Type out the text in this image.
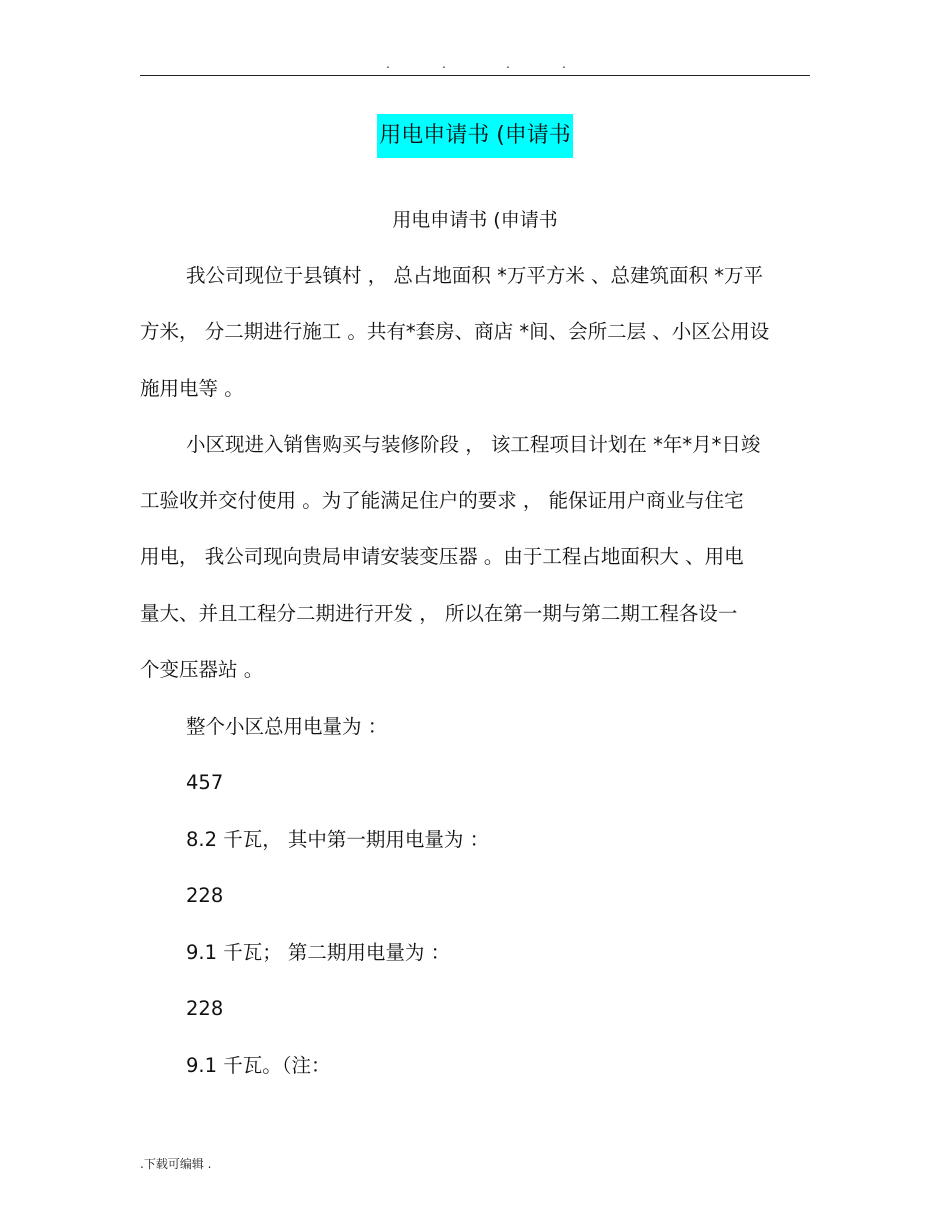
.	.	.	.
用电申请书 (申请书
用电申请书 (申请书
我公司现位于县镇村 ， 总占地面积 *万平方米 、总建筑面积 *万平
方米， 分二期进行施工 。共有*套房、商店 *间、会所二层 、小区公用设
施用电等 。
小区现进入销售购买与装修阶段 ， 该工程项目计划在 *年*月*日竣
工验收并交付使用 。为了能满足住户的要求 ， 能保证用户商业与住宅
用电， 我公司现向贵局申请安装变压器 。由于工程占地面积大 、用电
量大、并且工程分二期进行开发 ， 所以在第一期与第二期工程各设一
个变压器站 。
整个小区总用电量为 ：
457
8.2 千瓦， 其中第一期用电量为 ：
228
9.1 千瓦； 第二期用电量为 ：
228
9.1 千瓦。（注：
.下载可编辑 .
